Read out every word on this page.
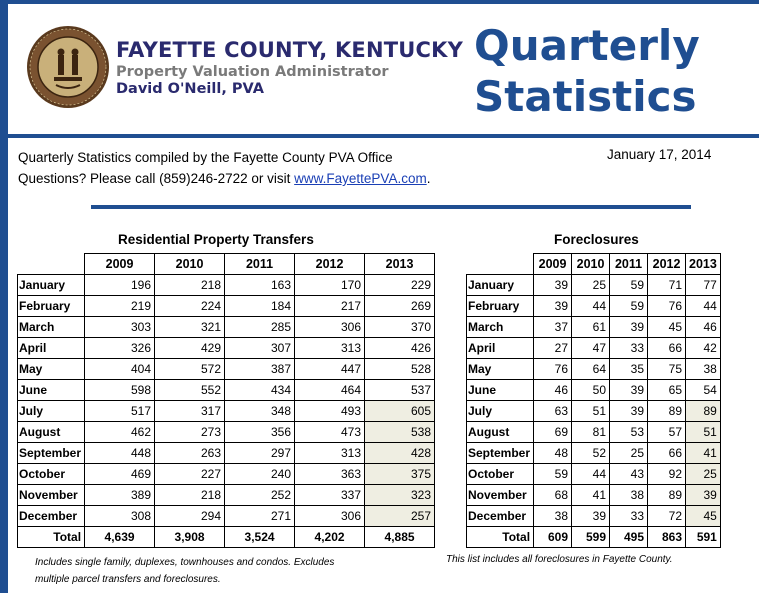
FAYETTE COUNTY, KENTUCKY
Property Valuation Administrator
David O'Neill, PVA
Quarterly
Statistics
Quarterly Statistics compiled by the Fayette County PVA Office
Questions? Please call (859)246-2722 or visit www.FayettePVA.com.
January 17, 2014
Residential Property Transfers
	2009	2010	2011	2012	2013
January	196	218	163	170	229
February	219	224	184	217	269
March	303	321	285	306	370
April	326	429	307	313	426
May	404	572	387	447	528
June	598	552	434	464	537
July	517	317	348	493	605
August	462	273	356	473	538
September	448	263	297	313	428
October	469	227	240	363	375
November	389	218	252	337	323
December	308	294	271	306	257
Total	4,639	3,908	3,524	4,202	4,885
Foreclosures
	2009	2010	2011	2012	2013
January	39	25	59	71	77
February	39	44	59	76	44
March	37	61	39	45	46
April	27	47	33	66	42
May	76	64	35	75	38
June	46	50	39	65	54
July	63	51	39	89	89
August	69	81	53	57	51
September	48	52	25	66	41
October	59	44	43	92	25
November	68	41	38	89	39
December	38	39	33	72	45
Total	609	599	495	863	591
Includes single family, duplexes, townhouses and condos. Excludes
multiple parcel transfers and foreclosures.
This list includes all foreclosures in Fayette County.
